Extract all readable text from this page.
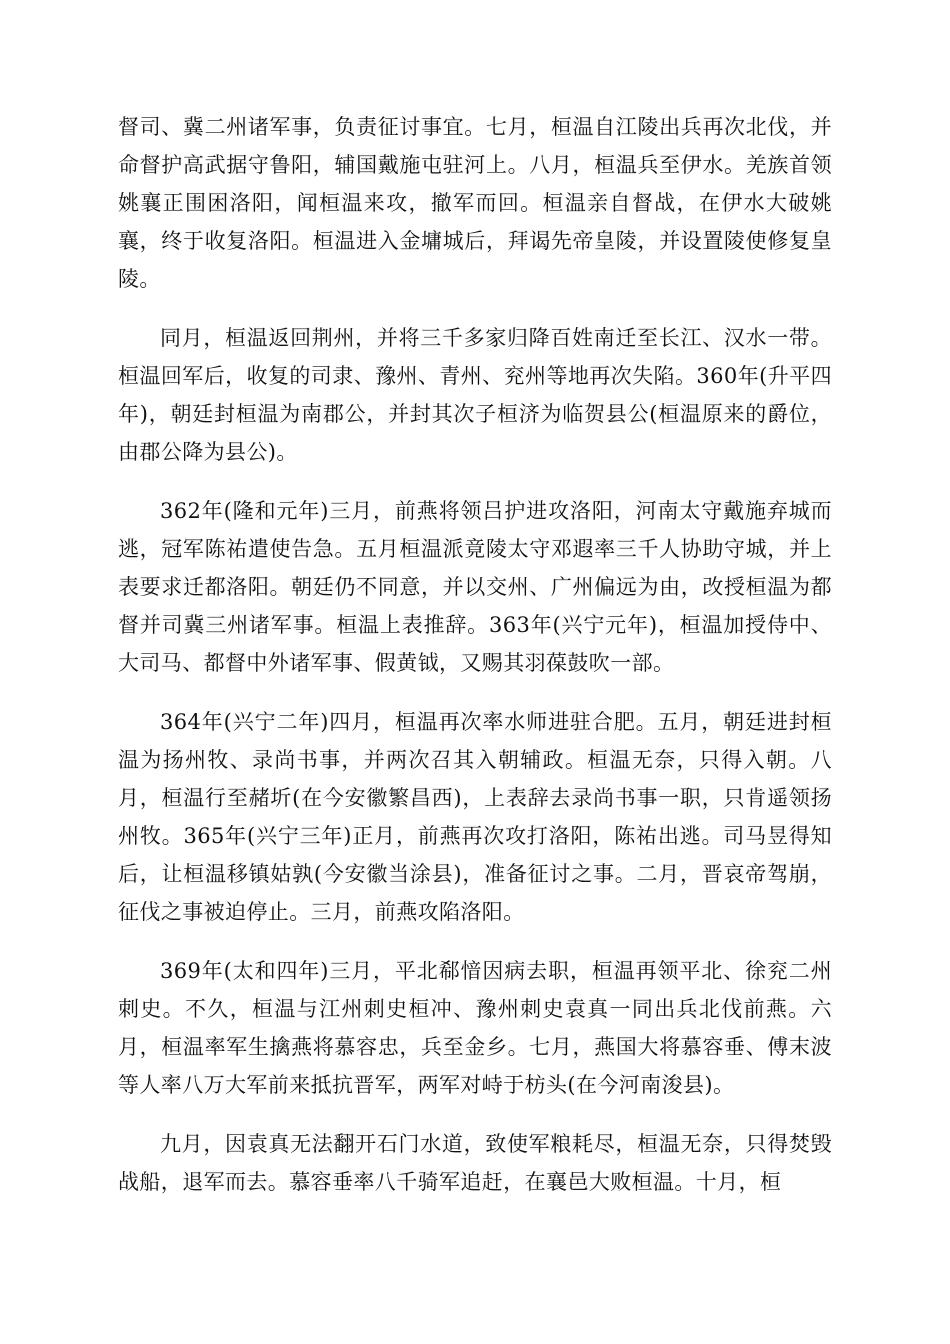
督司、冀二州诸军事，负责征讨事宜。七月，桓温自江陵出兵再次北伐，并命督护高武据守鲁阳，辅国戴施屯驻河上。八月，桓温兵至伊水。羌族首领姚襄正围困洛阳，闻桓温来攻，撤军而回。桓温亲自督战，在伊水大破姚襄，终于收复洛阳。桓温进入金墉城后，拜谒先帝皇陵，并设置陵使修复皇陵。

同月，桓温返回荆州，并将三千多家归降百姓南迁至长江、汉水一带。桓温回军后，收复的司隶、豫州、青州、兖州等地再次失陷。360年(升平四年)，朝廷封桓温为南郡公，并封其次子桓济为临贺县公(桓温原来的爵位，由郡公降为县公)。

362年(隆和元年)三月，前燕将领吕护进攻洛阳，河南太守戴施弃城而逃，冠军陈祐遣使告急。五月桓温派竟陵太守邓遐率三千人协助守城，并上表要求迁都洛阳。朝廷仍不同意，并以交州、广州偏远为由，改授桓温为都督并司冀三州诸军事。桓温上表推辞。363年(兴宁元年)，桓温加授侍中、大司马、都督中外诸军事、假黄钺，又赐其羽葆鼓吹一部。

364年(兴宁二年)四月，桓温再次率水师进驻合肥。五月，朝廷进封桓温为扬州牧、录尚书事，并两次召其入朝辅政。桓温无奈，只得入朝。八月，桓温行至赭圻(在今安徽繁昌西)，上表辞去录尚书事一职，只肯遥领扬州牧。365年(兴宁三年)正月，前燕再次攻打洛阳，陈祐出逃。司马昱得知后，让桓温移镇姑孰(今安徽当涂县)，准备征讨之事。二月，晋哀帝驾崩，征伐之事被迫停止。三月，前燕攻陷洛阳。

369年(太和四年)三月，平北郗愔因病去职，桓温再领平北、徐兖二州刺史。不久，桓温与江州刺史桓冲、豫州刺史袁真一同出兵北伐前燕。六月，桓温率军生擒燕将慕容忠，兵至金乡。七月，燕国大将慕容垂、傅末波等人率八万大军前来抵抗晋军，两军对峙于枋头(在今河南浚县)。

九月，因袁真无法翻开石门水道，致使军粮耗尽，桓温无奈，只得焚毁战船，退军而去。慕容垂率八千骑军追赶，在襄邑大败桓温。十月，桓
